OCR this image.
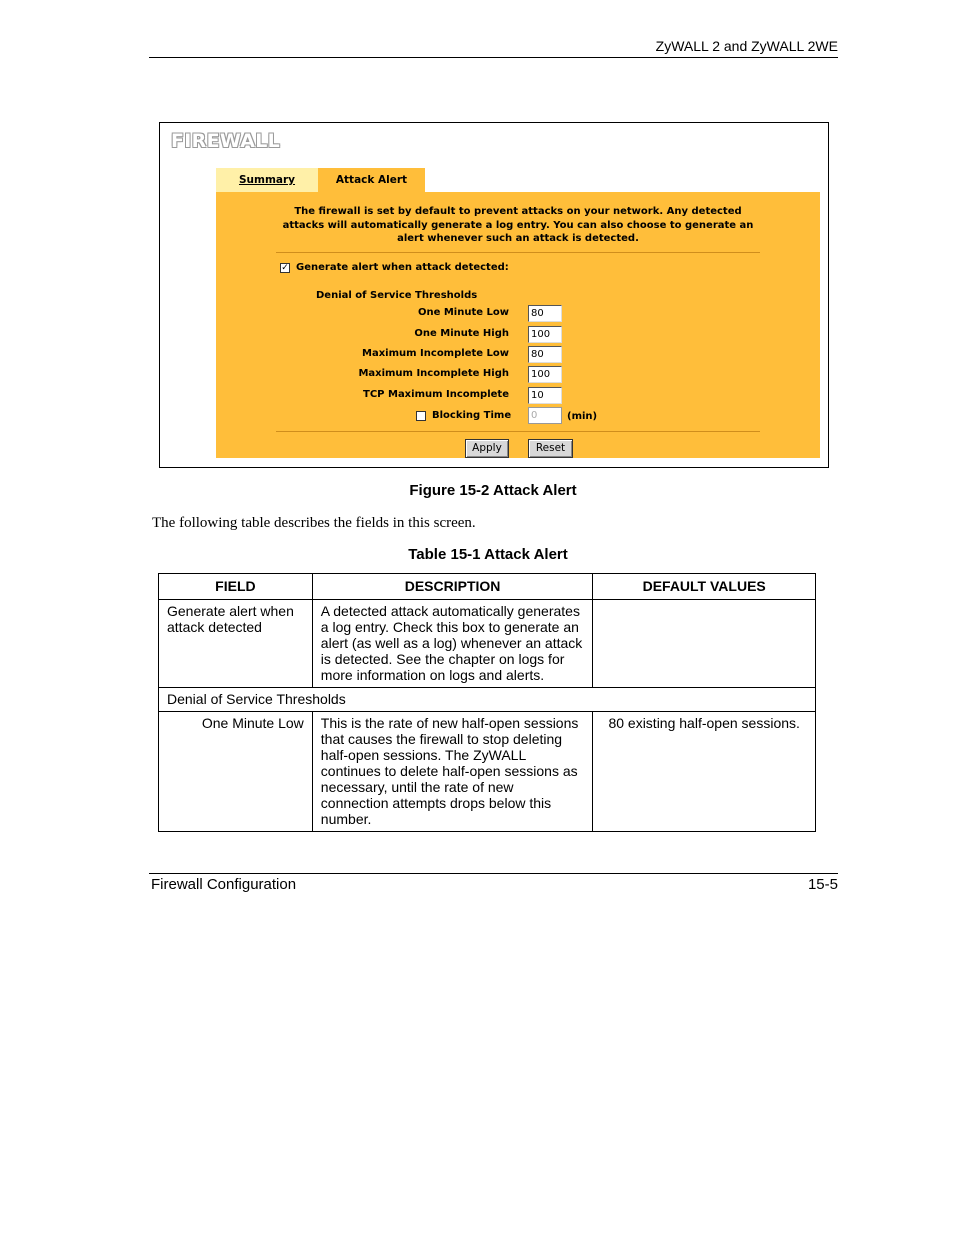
ZyWALL 2 and ZyWALL 2WE
FIREWALL
Summary	Attack Alert
The firewall is set by default to prevent attacks on your network. Any detected attacks will automatically generate a log entry. You can also choose to generate an alert whenever such an attack is detected.
✓ Generate alert when attack detected:
Denial of Service Thresholds
One Minute Low	80
One Minute High	100
Maximum Incomplete Low	80
Maximum Incomplete High	100
TCP Maximum Incomplete	10
Blocking Time	0	(min)
Apply	Reset
Figure 15-2 Attack Alert
The following table describes the fields in this screen.
Table 15-1 Attack Alert
FIELD	DESCRIPTION	DEFAULT VALUES
Generate alert when attack detected	A detected attack automatically generates a log entry. Check this box to generate an alert (as well as a log) whenever an attack is detected. See the chapter on logs for more information on logs and alerts.	
Denial of Service Thresholds		
One Minute Low	This is the rate of new half-open sessions that causes the firewall to stop deleting half-open sessions. The ZyWALL continues to delete half-open sessions as necessary, until the rate of new connection attempts drops below this number.	80 existing half-open sessions.
Firewall Configuration	15-5
